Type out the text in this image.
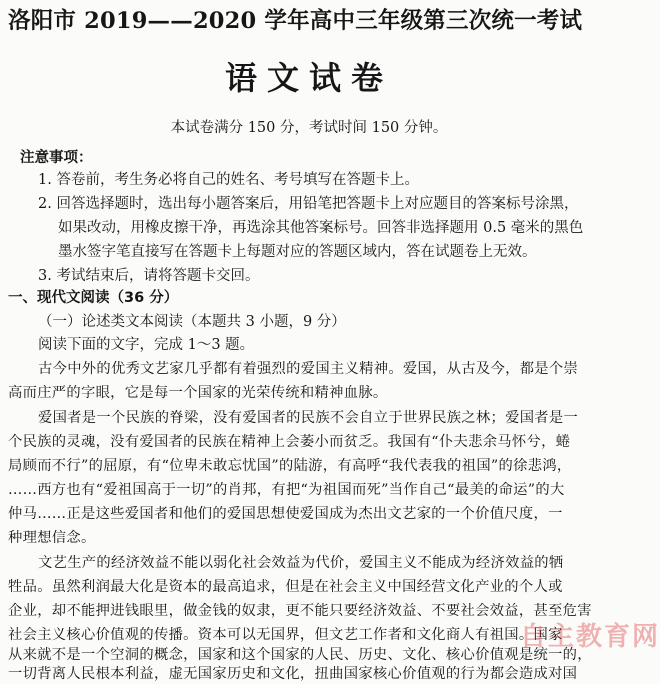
洛阳市 2019——2020 学年高中三年级第三次统一考试
语文试卷
本试卷满分 150 分，考试时间 150 分钟。
注意事项：
1. 答卷前，考生务必将自己的姓名、考号填写在答题卡上。
2. 回答选择题时，选出每小题答案后，用铅笔把答题卡上对应题目的答案标号涂黑，
如果改动，用橡皮擦干净，再选涂其他答案标号。回答非选择题用 0.5 毫米的黑色
墨水签字笔直接写在答题卡上每题对应的答题区域内，答在试题卷上无效。
3. 考试结束后，请将答题卡交回。
一、现代文阅读（36 分）
（一）论述类文本阅读（本题共 3 小题，9 分）
阅读下面的文字，完成 1～3 题。
古今中外的优秀文艺家几乎都有着强烈的爱国主义精神。爱国，从古及今，都是个崇
高而庄严的字眼，它是每一个国家的光荣传统和精神血脉。
爱国者是一个民族的脊梁，没有爱国者的民族不会自立于世界民族之林；爱国者是一
个民族的灵魂，没有爱国者的民族在精神上会萎小而贫乏。我国有“仆夫悲余马怀兮，蜷
局顾而不行”的屈原，有“位卑未敢忘忧国”的陆游，有高呼“我代表我的祖国”的徐悲鸿，
……西方也有“爱祖国高于一切”的肖邦，有把“为祖国而死”当作自己“最美的命运”的大
仲马……正是这些爱国者和他们的爱国思想使爱国成为杰出文艺家的一个价值尺度，一
种理想信念。
文艺生产的经济效益不能以弱化社会效益为代价，爱国主义不能成为经济效益的牺
牲品。虽然利润最大化是资本的最高追求，但是在社会主义中国经营文化产业的个人或
企业，却不能押进钱眼里，做金钱的奴隶，更不能只要经济效益、不要社会效益，甚至危害
社会主义核心价值观的传播。资本可以无国界，但文艺工作者和文化商人有祖国。国家
从来就不是一个空洞的概念，国家和这个国家的人民、历史、文化、核心价值观是统一的，
一切背离人民根本利益，虚无国家历史和文化，扭曲国家核心价值观的行为都会造成对国
自主教育网
